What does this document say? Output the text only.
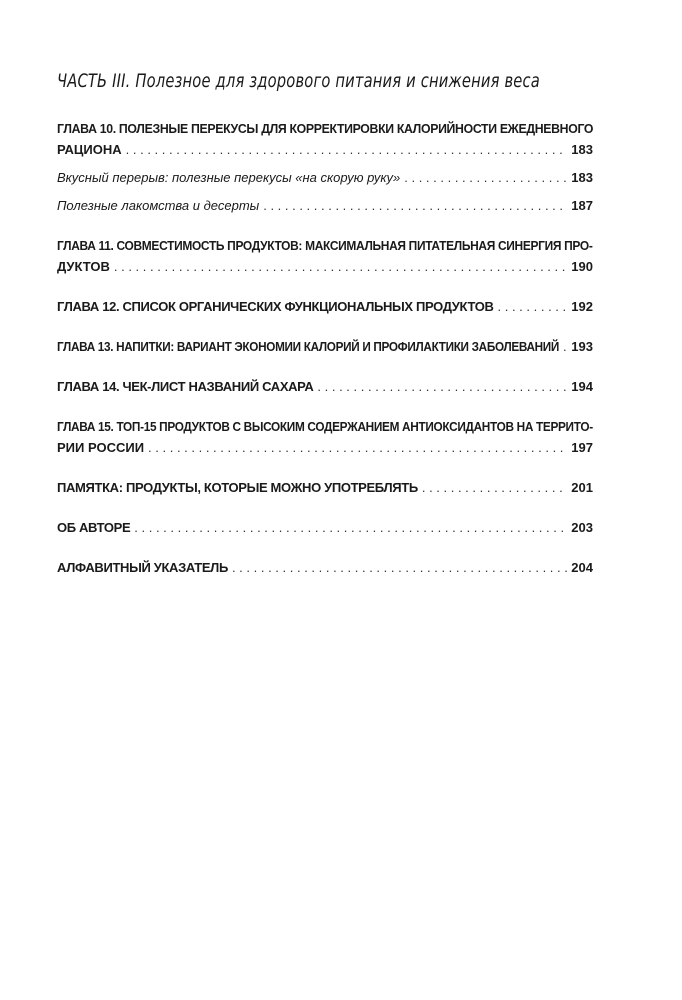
ЧАСТЬ III. Полезное для здорового питания и снижения веса
ГЛАВА 10. ПОЛЕЗНЫЕ ПЕРЕКУСЫ ДЛЯ КОРРЕКТИРОВКИ КАЛОРИЙНОСТИ ЕЖЕДНЕВНОГО
РАЦИОНА . . .	183
Вкусный перерыв: полезные перекусы «на скорую руку» . . .	183
Полезные лакомства и десерты . . .	187
ГЛАВА 11. СОВМЕСТИМОСТЬ ПРОДУКТОВ: МАКСИМАЛЬНАЯ ПИТАТЕЛЬНАЯ СИНЕРГИЯ ПРО-
ДУКТОВ . . .	190
ГЛАВА 12. СПИСОК ОРГАНИЧЕСКИХ ФУНКЦИОНАЛЬНЫХ ПРОДУКТОВ . . .	192
ГЛАВА 13. НАПИТКИ: ВАРИАНТ ЭКОНОМИИ КАЛОРИЙ И ПРОФИЛАКТИКИ ЗАБОЛЕВАНИЙ . . . 193
ГЛАВА 14. ЧЕК-ЛИСТ НАЗВАНИЙ САХАРА . . .	194
ГЛАВА 15. ТОП-15 ПРОДУКТОВ С ВЫСОКИМ СОДЕРЖАНИЕМ АНТИОКСИДАНТОВ НА ТЕРРИТО-
РИИ РОССИИ . . .	197
ПАМЯТКА: ПРОДУКТЫ, КОТОРЫЕ МОЖНО УПОТРЕБЛЯТЬ . . .	201
ОБ АВТОРЕ . . .	203
АЛФАВИТНЫЙ УКАЗАТЕЛЬ . . .	204
